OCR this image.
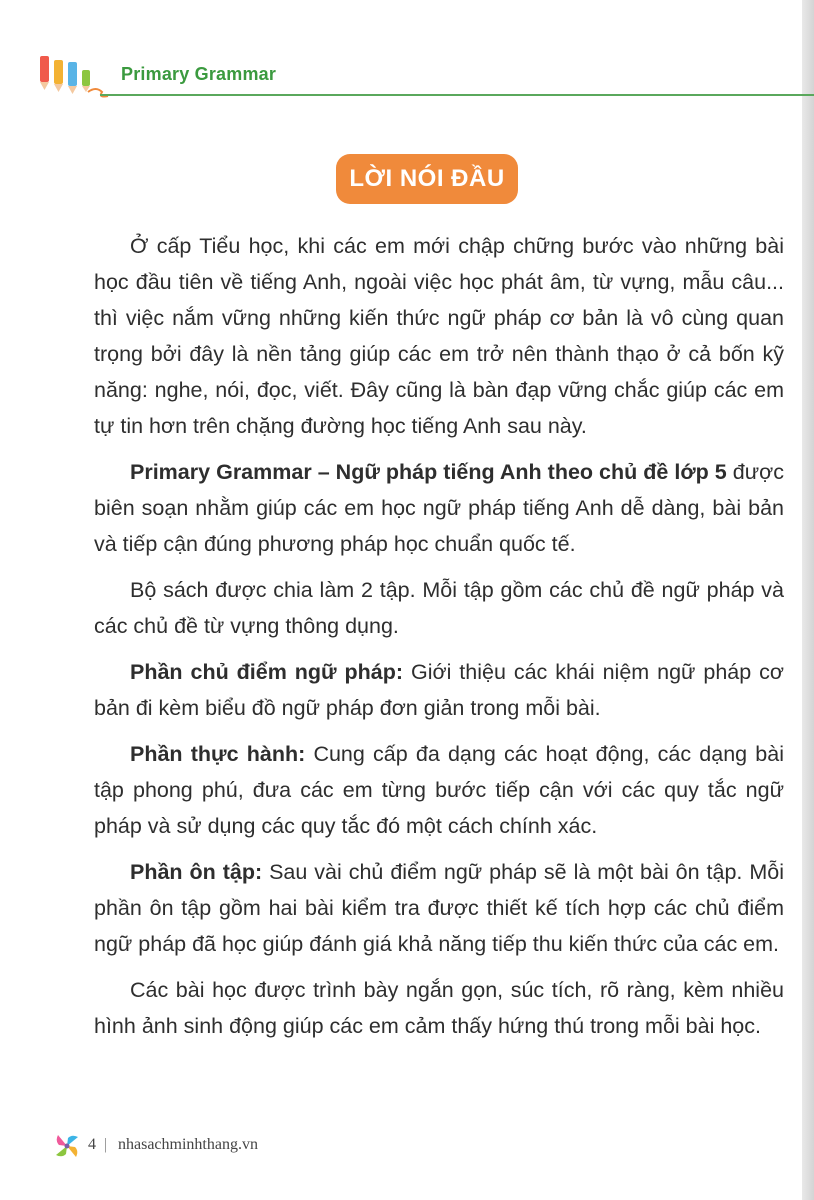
Primary Grammar
LỜI NÓI ĐẦU

Ở cấp Tiểu học, khi các em mới chập chững bước vào những bài học đầu tiên về tiếng Anh, ngoài việc học phát âm, từ vựng, mẫu câu... thì việc nắm vững những kiến thức ngữ pháp cơ bản là vô cùng quan trọng bởi đây là nền tảng giúp các em trở nên thành thạo ở cả bốn kỹ năng: nghe, nói, đọc, viết. Đây cũng là bàn đạp vững chắc giúp các em tự tin hơn trên chặng đường học tiếng Anh sau này.

Primary Grammar – Ngữ pháp tiếng Anh theo chủ đề lớp 5 được biên soạn nhằm giúp các em học ngữ pháp tiếng Anh dễ dàng, bài bản và tiếp cận đúng phương pháp học chuẩn quốc tế.

Bộ sách được chia làm 2 tập. Mỗi tập gồm các chủ đề ngữ pháp và các chủ đề từ vựng thông dụng.

Phần chủ điểm ngữ pháp: Giới thiệu các khái niệm ngữ pháp cơ bản đi kèm biểu đồ ngữ pháp đơn giản trong mỗi bài.

Phần thực hành: Cung cấp đa dạng các hoạt động, các dạng bài tập phong phú, đưa các em từng bước tiếp cận với các quy tắc ngữ pháp và sử dụng các quy tắc đó một cách chính xác.

Phần ôn tập: Sau vài chủ điểm ngữ pháp sẽ là một bài ôn tập. Mỗi phần ôn tập gồm hai bài kiểm tra được thiết kế tích hợp các chủ điểm ngữ pháp đã học giúp đánh giá khả năng tiếp thu kiến thức của các em.

Các bài học được trình bày ngắn gọn, súc tích, rõ ràng, kèm nhiều hình ảnh sinh động giúp các em cảm thấy hứng thú trong mỗi bài học.

4 | nhasachminhthang.vn
